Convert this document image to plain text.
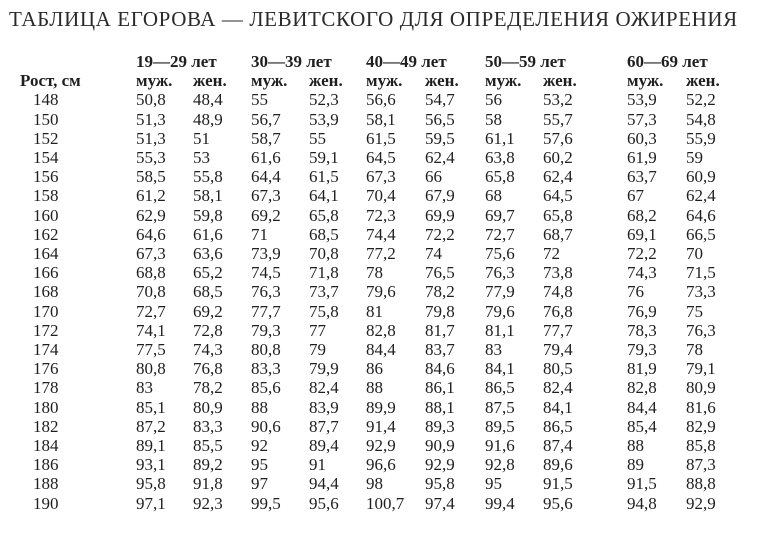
ТАБЛИЦА ЕГОРОВА — ЛЕВИТСКОГО ДЛЯ ОПРЕДЕЛЕНИЯ ОЖИРЕНИЯ
	19—29 лет		30—39 лет		40—49 лет		50—59 лет		60—69 лет	
Рост, см	муж.	жен.	муж.	жен.	муж.	жен.	муж.	жен.	муж.	жен.
148	50,8	48,4	55	52,3	56,6	54,7	56	53,2	53,9	52,2
150	51,3	48,9	56,7	53,9	58,1	56,5	58	55,7	57,3	54,8
152	51,3	51	58,7	55	61,5	59,5	61,1	57,6	60,3	55,9
154	55,3	53	61,6	59,1	64,5	62,4	63,8	60,2	61,9	59
156	58,5	55,8	64,4	61,5	67,3	66	65,8	62,4	63,7	60,9
158	61,2	58,1	67,3	64,1	70,4	67,9	68	64,5	67	62,4
160	62,9	59,8	69,2	65,8	72,3	69,9	69,7	65,8	68,2	64,6
162	64,6	61,6	71	68,5	74,4	72,2	72,7	68,7	69,1	66,5
164	67,3	63,6	73,9	70,8	77,2	74	75,6	72	72,2	70
166	68,8	65,2	74,5	71,8	78	76,5	76,3	73,8	74,3	71,5
168	70,8	68,5	76,3	73,7	79,6	78,2	77,9	74,8	76	73,3
170	72,7	69,2	77,7	75,8	81	79,8	79,6	76,8	76,9	75
172	74,1	72,8	79,3	77	82,8	81,7	81,1	77,7	78,3	76,3
174	77,5	74,3	80,8	79	84,4	83,7	83	79,4	79,3	78
176	80,8	76,8	83,3	79,9	86	84,6	84,1	80,5	81,9	79,1
178	83	78,2	85,6	82,4	88	86,1	86,5	82,4	82,8	80,9
180	85,1	80,9	88	83,9	89,9	88,1	87,5	84,1	84,4	81,6
182	87,2	83,3	90,6	87,7	91,4	89,3	89,5	86,5	85,4	82,9
184	89,1	85,5	92	89,4	92,9	90,9	91,6	87,4	88	85,8
186	93,1	89,2	95	91	96,6	92,9	92,8	89,6	89	87,3
188	95,8	91,8	97	94,4	98	95,8	95	91,5	91,5	88,8
190	97,1	92,3	99,5	95,6	100,7	97,4	99,4	95,6	94,8	92,9
